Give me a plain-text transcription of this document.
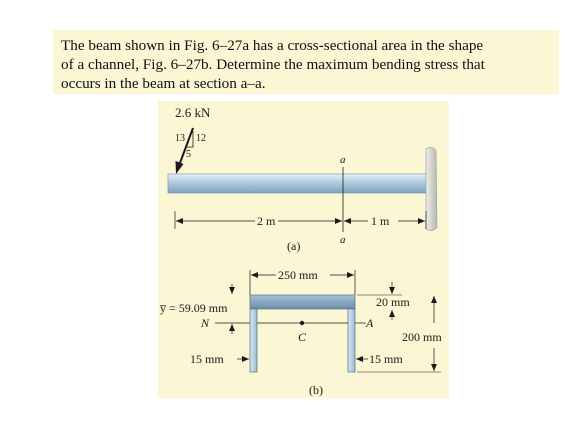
The beam shown in Fig. 6–27a has a cross-sectional area in the shape
of a channel, Fig. 6–27b. Determine the maximum bending stress that
occurs in the beam at section a–a.
2.6 kN
13 12
5	a
a
2 m	1 m
(a)
250 mm
y̅ = 59.09 mm
N	A
C
20 mm
200 mm
15 mm	15 mm
(b)
